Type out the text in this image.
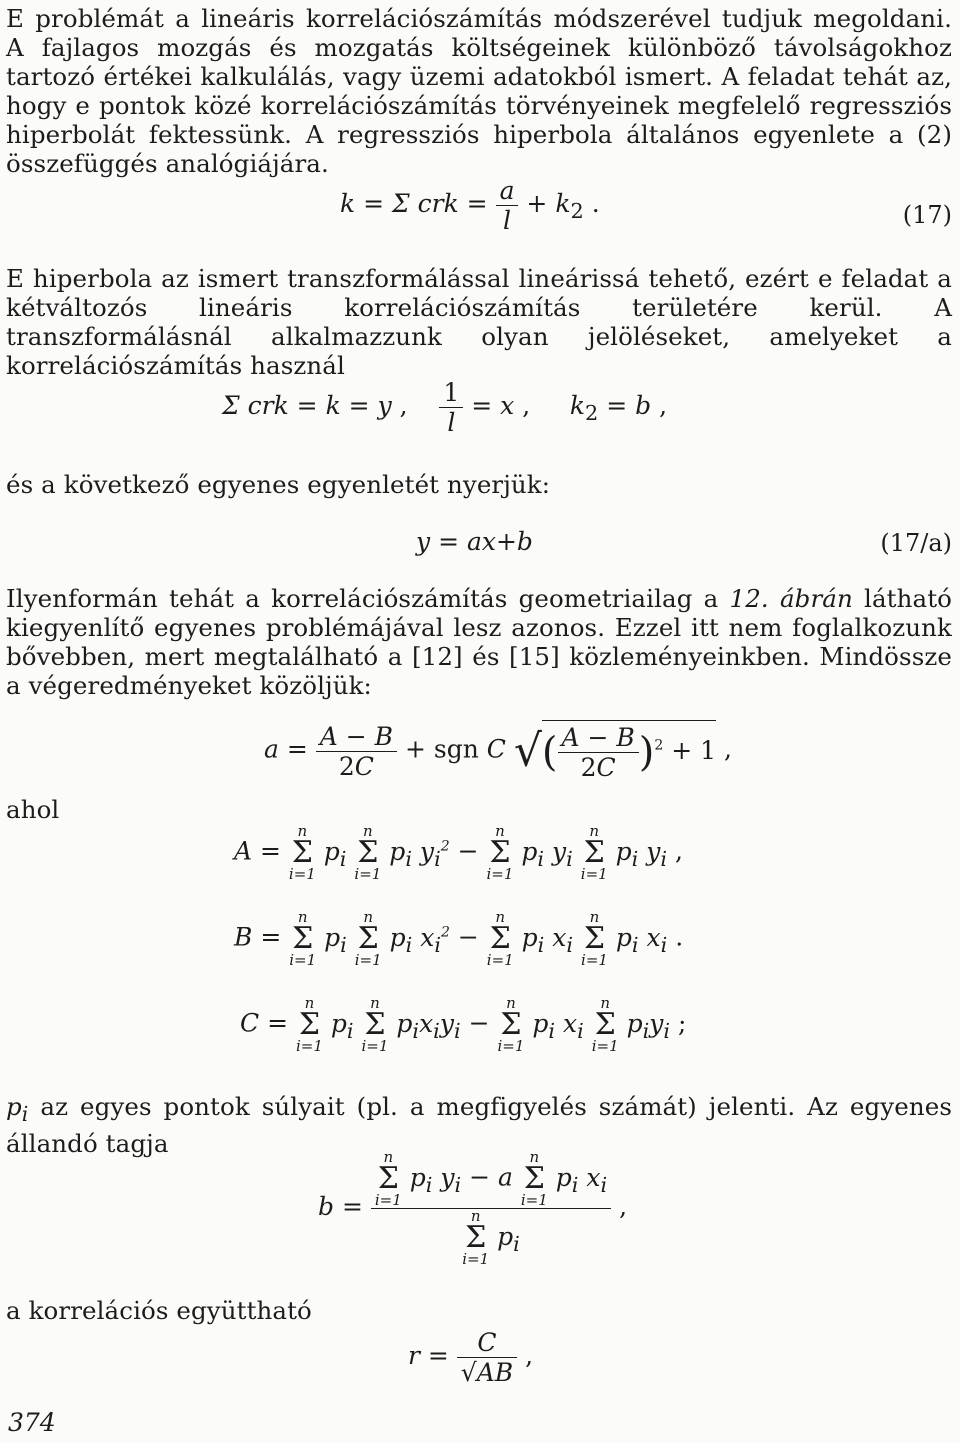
E problémát a lineáris korrelációszámítás módszerével tudjuk megoldani. A fajlagos mozgás és mozgatás költségeinek különböző távolságokhoz tartozó értékei kalkulálás, vagy üzemi adatokból ismert. A feladat tehát az, hogy e pontok közé korrelációszámítás törvényeinek megfelelő regressziós hiperbolát fektessünk. A regressziós hiperbola általános egyenlete a (2) összefüggés analógiájára.
k = Σ crk = $\frac{a}{l} + k_2$ .	(17)
E hiperbola az ismert transzformálással lineárissá tehető, ezért e feladat a kétváltozós lineáris korrelációszámítás területére kerül. A transzformálásnál alkalmazzunk olyan jelöléseket, amelyeket a korrelációszámítás használ
Σ crk = k = y , $\frac{1}{l} = x$ ,     $k_2 = b$ ,
és a következő egyenes egyenletét nyerjük:
y = ax+b	(17/a)
Ilyenformán tehát a korrelációszámítás geometriailag a 12. ábrán látható kiegyenlítő egyenes problémájával lesz azonos. Ezzel itt nem foglalkozunk bővebben, mert megtalálható a [12] és [15] közleményeinkben. Mindössze a végeredményeket közöljük:
$a = \frac{A - B}{2C}$ + sgn C √( $\frac{A - B}{2C} )^2 + 1$ ,
ahol
A =
n
Σ
i=1
$p_i$
n
Σ
i=1
$p_i$ $y_i^2$ −
n
Σ
i=1
$p_i$ $y_i$
n
Σ
i=1
$p_i$ $y_i$ ,
B =
n
Σ
i=1
$p_i$
n
Σ
i=1
$p_i$ $x_i^2$ −
n
Σ
i=1
$p_i$ $x_i$
n
Σ
i=1
$p_i$ $x_i$ .
C =
n
Σ
i=1
$p_i$
n
Σ
i=1
$p_ix_iy_i$ −
n
Σ
i=1
$p_i$ $x_i$
n
Σ
i=1
$p_iy_i$ ;
$p_i$ az egyes pontok súlyait (pl. a megfigyelés számát) jelenti. Az egyenes állandó tagja
b = n
Σ
i=1
$p_i$ $y_i - a$
n
Σ
i=1
$p_i$ $x_i$
n
Σ
i=1
$p_i$ ,
a korrelációs együttható
$r = \frac{C}{√AB}$ ,
374
